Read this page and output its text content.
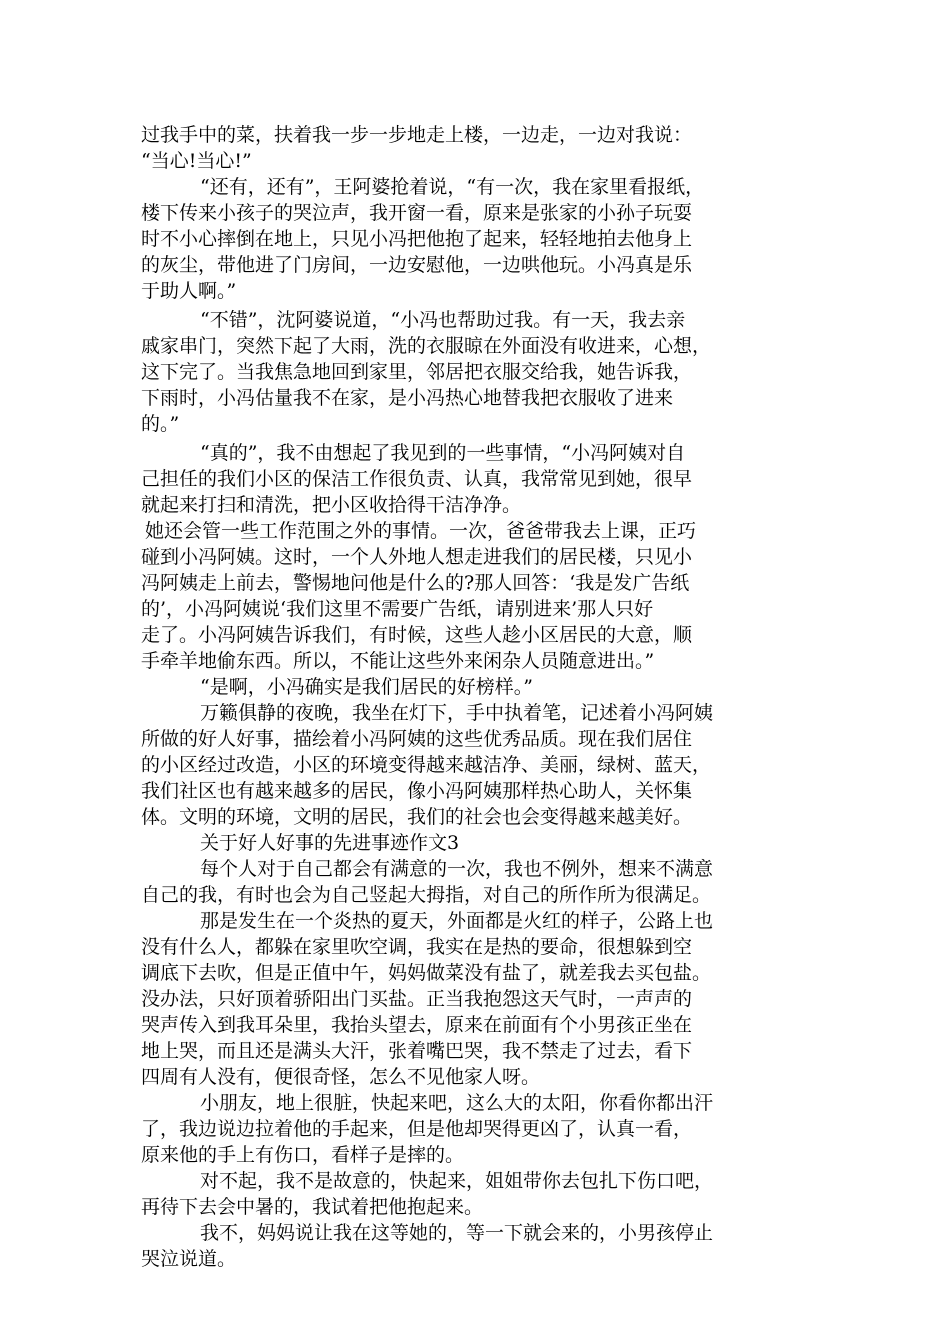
过我手中的菜，扶着我一步一步地走上楼，一边走，一边对我说：
“当心!当心!”
“还有，还有”，王阿婆抢着说，“有一次，我在家里看报纸，
楼下传来小孩子的哭泣声，我开窗一看，原来是张家的小孙子玩耍
时不小心摔倒在地上，只见小冯把他抱了起来，轻轻地拍去他身上
的灰尘，带他进了门房间，一边安慰他，一边哄他玩。小冯真是乐
于助人啊。”
“不错”，沈阿婆说道，“小冯也帮助过我。有一天，我去亲
戚家串门，突然下起了大雨，洗的衣服晾在外面没有收进来，心想，
这下完了。当我焦急地回到家里，邻居把衣服交给我，她告诉我，
下雨时，小冯估量我不在家，是小冯热心地替我把衣服收了进来
的。”
“真的”，我不由想起了我见到的一些事情，“小冯阿姨对自
己担任的我们小区的保洁工作很负责、认真，我常常见到她，很早
就起来打扫和清洗，把小区收拾得干洁净净。
她还会管一些工作范围之外的事情。一次，爸爸带我去上课，正巧
碰到小冯阿姨。这时，一个人外地人想走进我们的居民楼，只见小
冯阿姨走上前去，警惕地问他是什么的?那人回答：‘我是发广告纸
的’，小冯阿姨说‘我们这里不需要广告纸，请别进来’那人只好
走了。小冯阿姨告诉我们，有时候，这些人趁小区居民的大意，顺
手牵羊地偷东西。所以，不能让这些外来闲杂人员随意进出。”
“是啊，小冯确实是我们居民的好榜样。”
万籁俱静的夜晚，我坐在灯下，手中执着笔，记述着小冯阿姨
所做的好人好事，描绘着小冯阿姨的这些优秀品质。现在我们居住
的小区经过改造，小区的环境变得越来越洁净、美丽，绿树、蓝天，
我们社区也有越来越多的居民，像小冯阿姨那样热心助人，关怀集
体。文明的环境，文明的居民，我们的社会也会变得越来越美好。
关于好人好事的先进事迹作文3
每个人对于自己都会有满意的一次，我也不例外，想来不满意
自己的我，有时也会为自己竖起大拇指，对自己的所作所为很满足。
那是发生在一个炎热的夏天，外面都是火红的样子，公路上也
没有什么人，都躲在家里吹空调，我实在是热的要命，很想躲到空
调底下去吹，但是正值中午，妈妈做菜没有盐了，就差我去买包盐。
没办法，只好顶着骄阳出门买盐。正当我抱怨这天气时，一声声的
哭声传入到我耳朵里，我抬头望去，原来在前面有个小男孩正坐在
地上哭，而且还是满头大汗，张着嘴巴哭，我不禁走了过去，看下
四周有人没有，便很奇怪，怎么不见他家人呀。
小朋友，地上很脏，快起来吧，这么大的太阳，你看你都出汗
了，我边说边拉着他的手起来，但是他却哭得更凶了，认真一看，
原来他的手上有伤口，看样子是摔的。
对不起，我不是故意的，快起来，姐姐带你去包扎下伤口吧，
再待下去会中暑的，我试着把他抱起来。
我不，妈妈说让我在这等她的，等一下就会来的，小男孩停止
哭泣说道。
